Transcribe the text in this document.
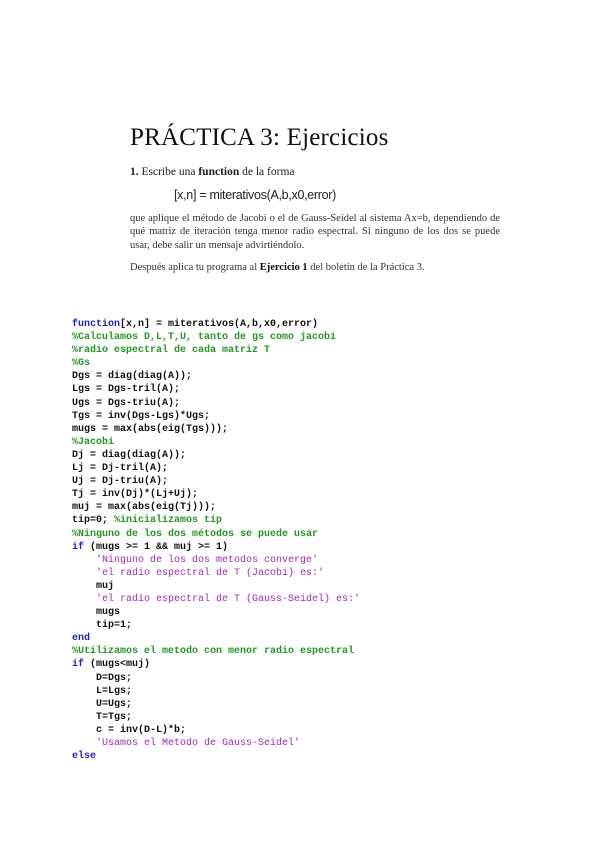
PRÁCTICA 3: Ejercicios
1. Escribe una function de la forma
[x,n] = miterativos(A,b,x0,error)
que aplique el método de Jacobi o el de Gauss-Seidel al sistema Ax=b, dependiendo de qué matriz de iteración tenga menor radio espectral. Si ninguno de los dos se puede usar, debe salir un mensaje advirtiéndolo.
Después aplica tu programa al Ejercicio 1 del boletín de la Práctica 3.
function[x,n] = miterativos(A,b,x0,error)
%Calculamos D,L,T,U, tanto de gs como jacobi
%radio espectral de cada matriz T
%Gs
Dgs = diag(diag(A));
Lgs = Dgs-tril(A);
Ugs = Dgs-triu(A);
Tgs = inv(Dgs-Lgs)*Ugs;
mugs = max(abs(eig(Tgs)));
%Jacobi
Dj = diag(diag(A));
Lj = Dj-tril(A);
Uj = Dj-triu(A);
Tj = inv(Dj)*(Lj+Uj);
muj = max(abs(eig(Tj)));
tip=0; %inicializamos tip
%Ninguno de los dos métodos se puede usar
if (mugs >= 1 && muj >= 1)
'Ninguno de los dos metodos converge'
'el radio espectral de T (Jacobi) es:'
muj
'el radio espectral de T (Gauss-Seidel) es:'
mugs
tip=1;
end
%Utilizamos el metodo con menor radio espectral
if (mugs<muj)
D=Dgs;
L=Lgs;
U=Ugs;
T=Tgs;
c = inv(D-L)*b;
'Usamos el Metodo de Gauss-Seidel'
else
